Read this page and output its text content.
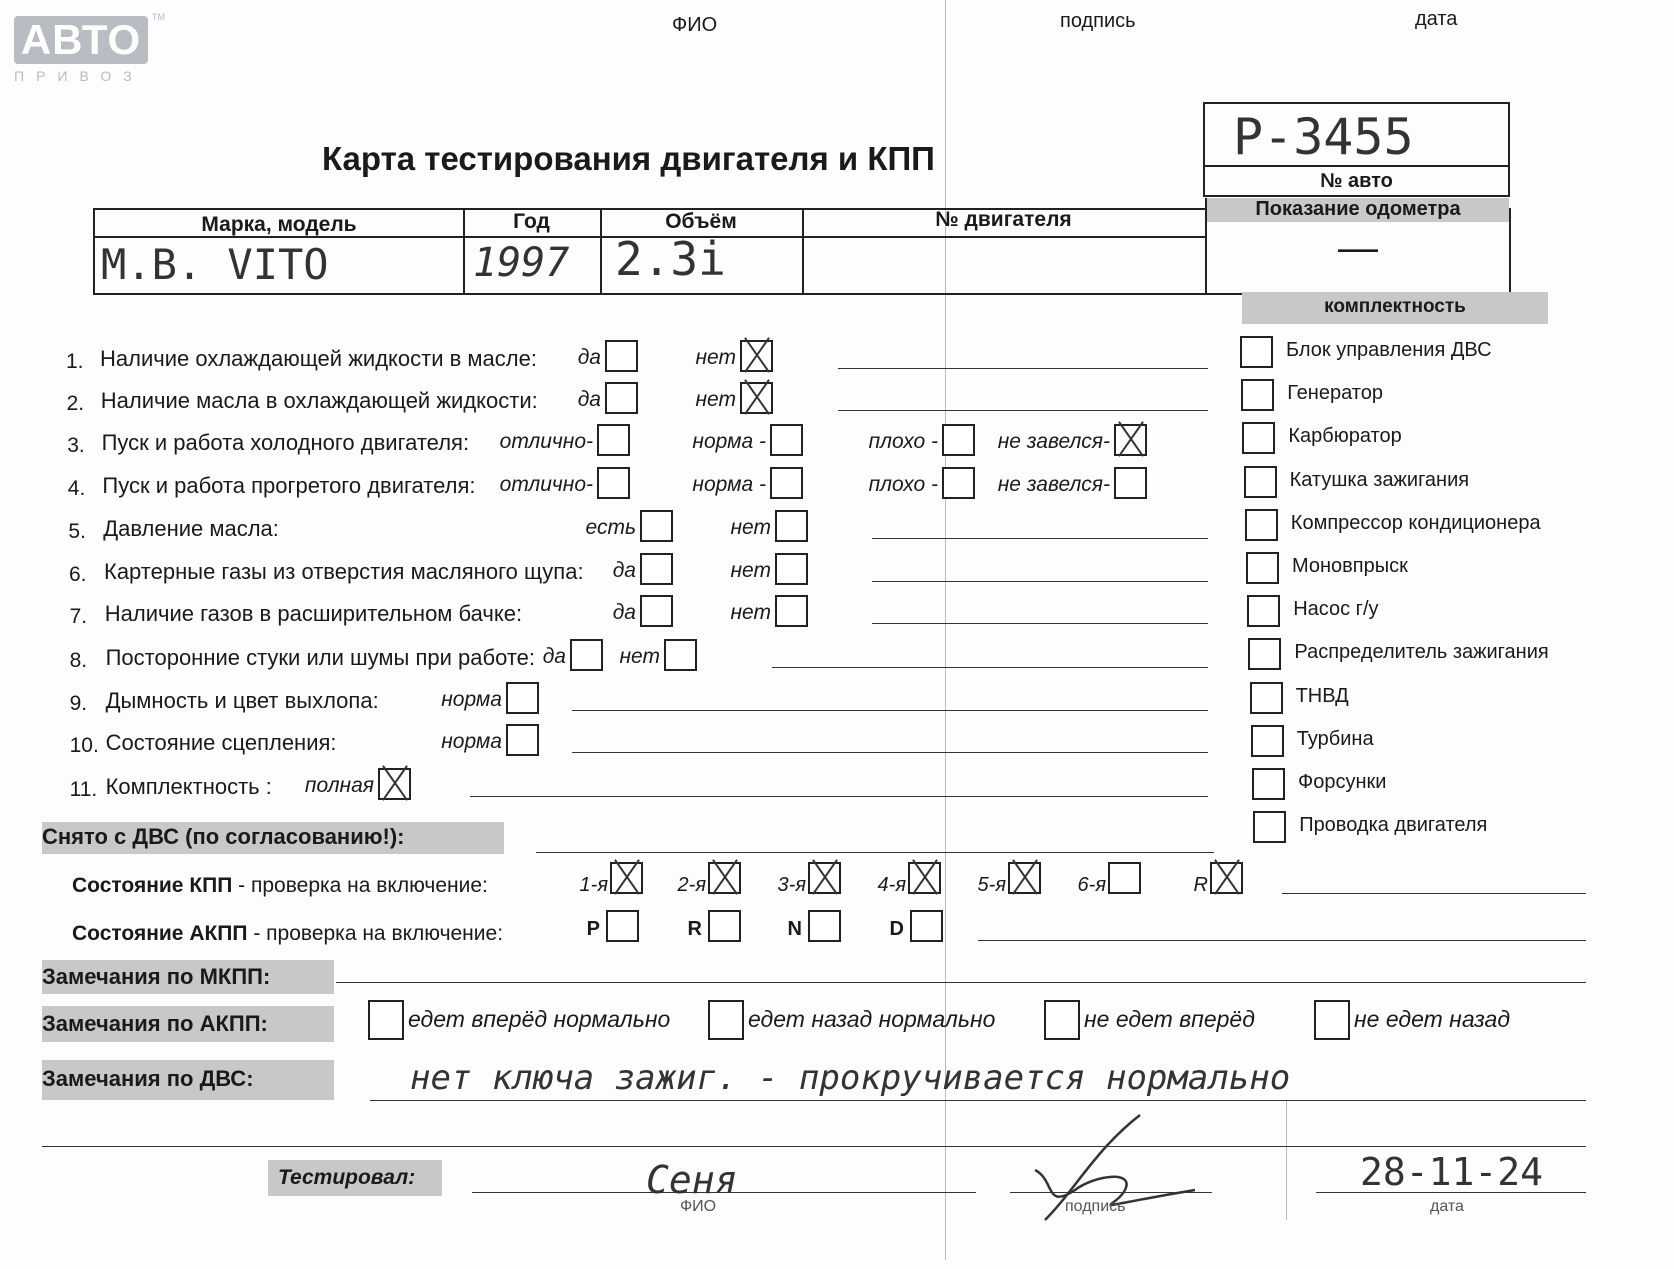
АВТО
ПРИВОЗ
TM	ФИО	подпись	дата
Карта тестирования двигателя и КПП	P-3455
№ авто
Марка, модель	Год	Объём	№ двигателя
M.B. VITO	1997 2.3i
Показание одометра
—
комплектность
Блок управления ДВС
Генератор
Карбюратор
Катушка зажигания
Компрессор кондиционера
Моновпрыск
Насос г/у
Распределитель зажигания
ТНВД
Турбина
Форсунки
Проводка двигателя
1. Наличие охлаждающей жидкости в масле: да	нет
2. Наличие масла в охлаждающей жидкости: да	нет
3. Пуск и работа холодного двигателя: отлично-	норма -	плохо -	не завелся-
4. Пуск и работа прогретого двигателя: отлично-	норма -	плохо -	не завелся-
5. Давление масла:	есть	нет
6. Картерные газы из отверстия масляного щупа: да	нет
7. Наличие газов в расширительном бачке:	да	нет
8. Посторонние стуки или шумы при работе: да	нет
9. Дымность и цвет выхлопа:	норма
10. Состояние сцепления:	норма
11. Комплектность : полная
Снято с ДВС (по согласованию!):
Состояние КПП - проверка на включение:	1-я	2-я	3-я	4-я	5-я	6-я	R
Состояние АКПП - проверка на включение:	P	R	N	D
Замечания по МКПП:
Замечания по АКПП:	едет вперёд нормально	едет назад нормально	не едет вперёд	не едет назад
Замечания по ДВС:	нет ключа зажиг. - прокручивается нормально
Тестировал:	Сеня	28-11-24
ФИО	подпись	дата
